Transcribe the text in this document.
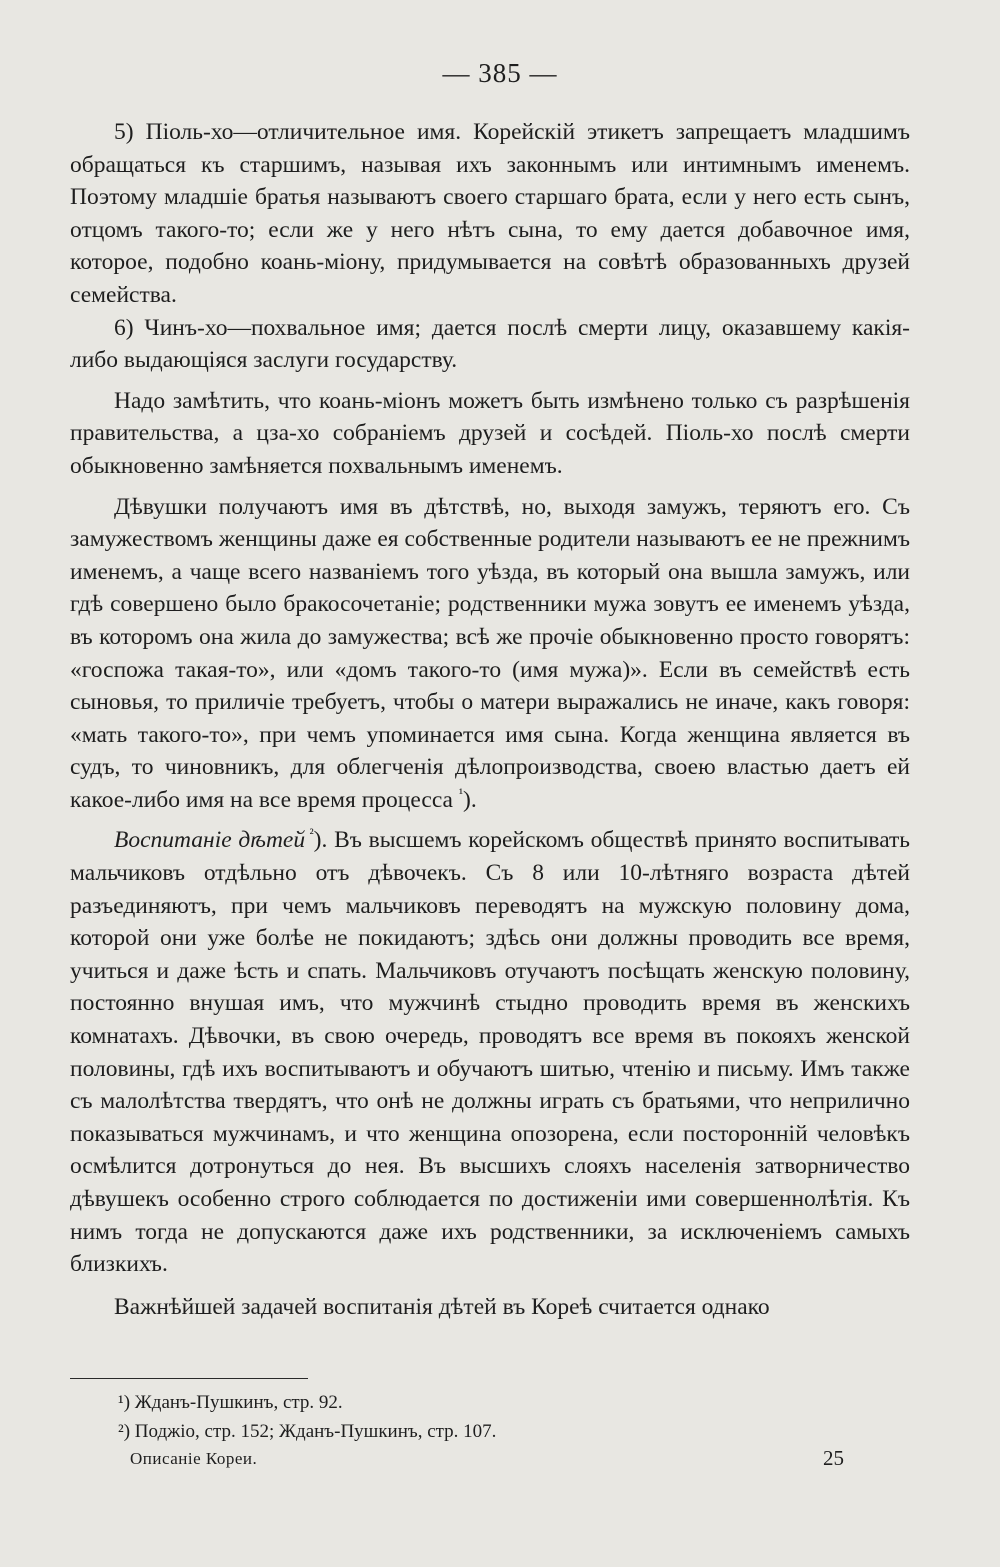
— 385 —

5) Піоль-хо—отличительное имя. Корейскій этикетъ запрещаетъ младшимъ обращаться къ старшимъ, называя ихъ законнымъ или интимнымъ именемъ. Поэтому младшіе братья называютъ своего старшаго брата, если у него есть сынъ, отцомъ такого-то; если же у него нѣтъ сына, то ему дается добавочное имя, которое, подобно коань-міону, придумывается на совѣтѣ образованныхъ друзей семейства.

6) Чинъ-хо—похвальное имя; дается послѣ смерти лицу, оказавшему какія-либо выдающіяся заслуги государству.

Надо замѣтить, что коань-міонъ можетъ быть измѣнено только съ разрѣшенія правительства, а цза-хо собраніемъ друзей и сосѣдей. Піоль-хо послѣ смерти обыкновенно замѣняется похвальнымъ именемъ.

Дѣвушки получаютъ имя въ дѣтствѣ, но, выходя замужъ, теряютъ его. Съ замужествомъ женщины даже ея собственные родители называютъ ее не прежнимъ именемъ, а чаще всего названіемъ того уѣзда, въ который она вышла замужъ, или гдѣ совершено было бракосочетаніе; родственники мужа зовутъ ее именемъ уѣзда, въ которомъ она жила до замужества; всѣ же прочіе обыкновенно просто говорятъ: «госпожа такая-то», или «домъ такого-то (имя мужа)». Если въ семействѣ есть сыновья, то приличіе требуетъ, чтобы о матери выражались не иначе, какъ говоря: «мать такого-то», при чемъ упоминается имя сына. Когда женщина является въ судъ, то чиновникъ, для облегченія дѣлопроизводства, своею властью даетъ ей какое-либо имя на все время процесса $^{^1}$).

Воспитаніе дѣтей $^{^2}$). Въ высшемъ корейскомъ обществѣ принято воспитывать мальчиковъ отдѣльно отъ дѣвочекъ. Съ 8 или 10-лѣтняго возраста дѣтей разъединяютъ, при чемъ мальчиковъ переводятъ на мужскую половину дома, которой они уже болѣе не покидаютъ; здѣсь они должны проводить все время, учиться и даже ѣсть и спать. Мальчиковъ отучаютъ посѣщать женскую половину, постоянно внушая имъ, что мужчинѣ стыдно проводить время въ женскихъ комнатахъ. Дѣвочки, въ свою очередь, проводятъ все время въ покояхъ женской половины, гдѣ ихъ воспитываютъ и обучаютъ шитью, чтенію и письму. Имъ также съ малолѣтства твердятъ, что онѣ не должны играть съ братьями, что неприлично показываться мужчинамъ, и что женщина опозорена, если посторонній человѣкъ осмѣлится дотронуться до нея. Въ высшихъ слояхъ населенія затворничество дѣвушекъ особенно строго соблюдается по достиженіи ими совершеннолѣтія. Къ нимъ тогда не допускаются даже ихъ родственники, за исключеніемъ самыхъ близкихъ.

Важнѣйшей задачей воспитанія дѣтей въ Кореѣ считается однако

¹) Жданъ-Пушкинъ, стр. 92.
²) Поджіо, стр. 152; Жданъ-Пушкинъ, стр. 107.
Описаніе Кореи.	25
